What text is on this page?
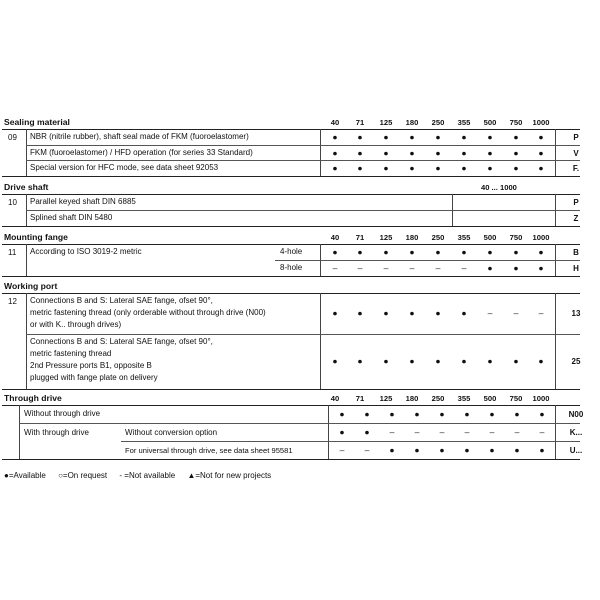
Sealing material	40	71	125	180	250	355	500	750	1000
09 NBR (nitrile rubber), shaft seal made of FKM (fuoroelastomer)	●	●	●	●	●	●	●	●	●	P
FKM (fuoroelastomer) / HFD operation (for series 33 Standard)	●	●	●	●	●	●	●	●	●	V
Special version for HFC mode, see data sheet 92053	●	●	●	●	●	●	●	●	●	F.
Drive shaft	40 ... 1000
10 Parallel keyed shaft DIN 6885	P
Splined shaft DIN 5480	Z
Mounting fange	40	71	125	180	250	355	500	750	1000
11 According to ISO 3019-2 metric	4-hole	●	●	●	●	●	●	●	●	●	B
8-hole	–	–	–	–	–	–	●	●	●	H
Working port
12 Connections B and S: Lateral SAE fange, ofset 90°,
metric fastening thread (only orderable without through drive (N00)
or with K.. through drives)
●	●	●	●	●	●	–	–	–	13
Connections B and S: Lateral SAE fange, ofset 90°,
metric fastening thread
2nd Pressure ports B1, opposite B
plugged with fange plate on delivery
●	●	●	●	●	●	●	●	●	25
Through drive	40	71	125	180	250	355	500	750	1000
Without through drive	●	●	●	●	●	●	●	●	●	N00
With through drive	Without conversion option	●	●	–	–	–	–	–	–	–	K...
For universal through drive, see data sheet 95581	–	–	●	●	●	●	●	●	●	U...
●=Available ○=On request - =Not available ▲=Not for new projects
